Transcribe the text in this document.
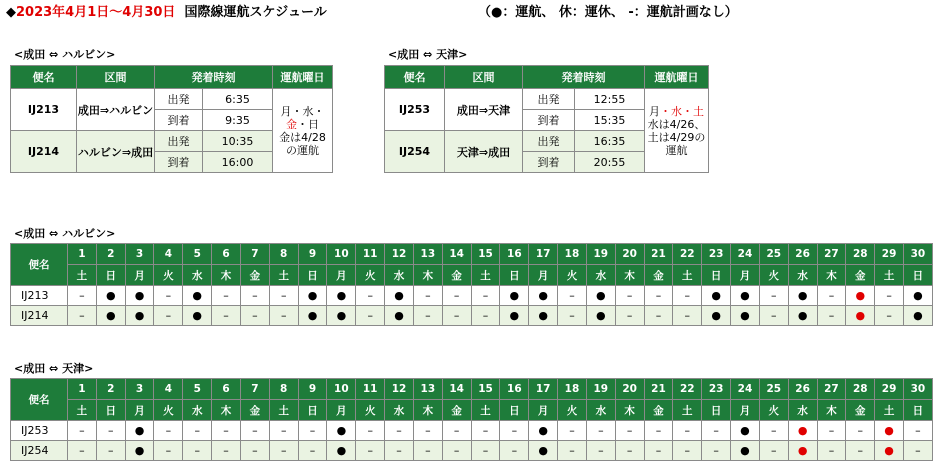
◆2023年4月1日～4月30日 国際線運航スケジュール	（●：運航、 休：運休、 -：運航計画なし）
<成田 ⇔ ハルビン>
便名	区間	発着時刻		運航曜日
IJ213	成田⇒ハルビン	出発	6:35	月・水・金・日
金は4/28の運航
		到着	9:35	
IJ214	ハルビン⇒成田	出発	10:35	
		到着	16:00	
<成田 ⇔ 天津>
便名	区間	発着時刻		運航曜日
IJ253	成田⇒天津	出発	12:55	月・水・土
水は4/26、土は4/29の運航
		到着	15:35	
IJ254	天津⇒成田	出発	16:35	
		到着	20:55	
<成田 ⇔ ハルビン>
<成田 ⇔ 天津>
便名	1	2	3	4	5	6	7	8	9	10	11	12	13	14	15	16	17	18	19	20	21	22	23	24	25	26	27	28	29	30
	土	日	月	火	水	木	金	土	日	月	火	水	木	金	土	日	月	火	水	木	金	土	日	月	火	水	木	金	土	日
IJ213	–	●	●	–	●	–	–	–	●	●	–	●	–	–	–	●	●	–	●	–	–	–	●	●	–	●	–	●	–	●
IJ214	–	●	●	–	●	–	–	–	●	●	–	●	–	–	–	●	●	–	●	–	–	–	●	●	–	●	–	●	–	●
便名	1	2	3	4	5	6	7	8	9	10	11	12	13	14	15	16	17	18	19	20	21	22	23	24	25	26	27	28	29	30
	土	日	月	火	水	木	金	土	日	月	火	水	木	金	土	日	月	火	水	木	金	土	日	月	火	水	木	金	土	日
IJ253	–	–	●	–	–	–	–	–	–	●	–	–	–	–	–	–	●	–	–	–	–	–	–	●	–	●	–	–	●	–
IJ254	–	–	●	–	–	–	–	–	–	●	–	–	–	–	–	–	●	–	–	–	–	–	–	●	–	●	–	–	●	–
